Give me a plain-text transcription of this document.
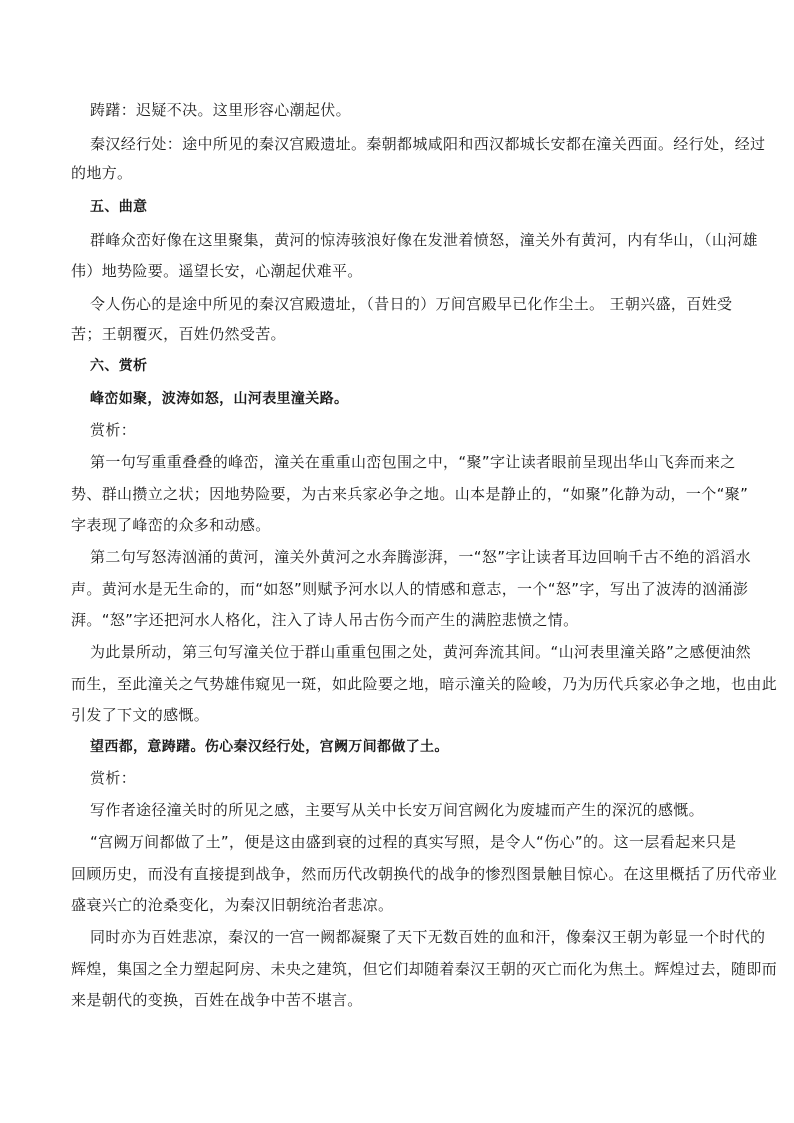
踌躇：迟疑不决。这里形容心潮起伏。
秦汉经行处：途中所见的秦汉宫殿遗址。秦朝都城咸阳和西汉都城长安都在潼关西面。经行处，经过
的地方。
五、曲意
群峰众峦好像在这里聚集，黄河的惊涛骇浪好像在发泄着愤怒，潼关外有黄河，内有华山，（山河雄
伟）地势险要。遥望长安，心潮起伏难平。
令人伤心的是途中所见的秦汉宫殿遗址，（昔日的）万间宫殿早已化作尘土。 王朝兴盛，百姓受
苦；王朝覆灭，百姓仍然受苦。
六、赏析
峰峦如聚，波涛如怒，山河表里潼关路。
赏析：
第一句写重重叠叠的峰峦，潼关在重重山峦包围之中，“聚”字让读者眼前呈现出华山飞奔而来之
势、群山攒立之状；因地势险要，为古来兵家必争之地。山本是静止的，“如聚”化静为动，一个“聚”
字表现了峰峦的众多和动感。
第二句写怒涛汹涌的黄河，潼关外黄河之水奔腾澎湃，一“怒”字让读者耳边回响千古不绝的滔滔水
声。黄河水是无生命的，而“如怒”则赋予河水以人的情感和意志，一个“怒”字，写出了波涛的汹涌澎
湃。“怒”字还把河水人格化，注入了诗人吊古伤今而产生的满腔悲愤之情。
为此景所动，第三句写潼关位于群山重重包围之处，黄河奔流其间。“山河表里潼关路”之感便油然
而生，至此潼关之气势雄伟窥见一斑，如此险要之地，暗示潼关的险峻，乃为历代兵家必争之地，也由此
引发了下文的感慨。
望西都，意踌躇。伤心秦汉经行处，宫阙万间都做了土。
赏析：
写作者途径潼关时的所见之感，主要写从关中长安万间宫阙化为废墟而产生的深沉的感慨。
“宫阙万间都做了土”，便是这由盛到衰的过程的真实写照，是令人“伤心”的。这一层看起来只是
回顾历史，而没有直接提到战争，然而历代改朝换代的战争的惨烈图景触目惊心。在这里概括了历代帝业
盛衰兴亡的沧桑变化，为秦汉旧朝统治者悲凉。
同时亦为百姓悲凉，秦汉的一宫一阙都凝聚了天下无数百姓的血和汗，像秦汉王朝为彰显一个时代的
辉煌，集国之全力塑起阿房、未央之建筑，但它们却随着秦汉王朝的灭亡而化为焦土。辉煌过去，随即而
来是朝代的变换，百姓在战争中苦不堪言。
